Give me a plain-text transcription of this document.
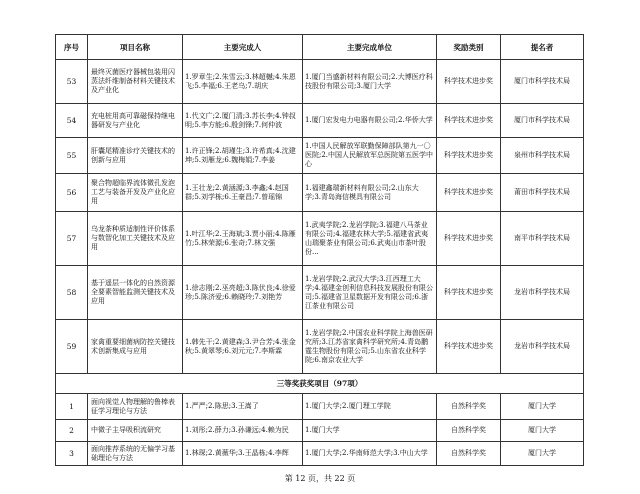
序号	项目名称	主要完成人	主要完成单位	奖励类别	提名者
53	最终灭菌医疗器械包装用闪蒸法纤维制备材料关键技术及产业化	1.罗章生;2.朱雪云;3.林超樾;4.朱恩飞;5.李福;6.王老乌;7.胡庆	1.厦门当盛新材料有限公司;2.大博医疗科技股份有限公司;3.厦门大学	科学技术进步奖	厦门市科学技术局
54	充电桩用高可靠磁保持继电器研发与产业化	1.代文广;2.厦门清;3.苏长李;4.钟叔明;5.李方能;6.殷剑锋;7.何仲波	1.厦门宏发电力电器有限公司;2.华侨大学	科学技术进步奖	厦门市科学技术局
55	肝囊尾精准诊疗关键技术的创新与应用	1.许正锋;2.胡瑾生;3.许希真;4.沈建坤;5.刘雁龙;6.魏梅娟;7.李姜	1.中国人民解放军联勤保障部队第九一〇医院;2.中国人民解放军总医院第五医学中心	科学技术进步奖	泉州市科学技术局
56	聚合物超临界流体微孔发泡工艺与装备开发及产业化应用	1.王壮龙;2.黄涵源;3.李鑫;4.赵国群;5.刘学栋;6.王豪昌;7.曾瑶锦	1.福建鑫瑞新材料有限公司;2.山东大学;3.青岛海信模具有限公司	科学技术进步奖	莆田市科学技术局
57	乌龙茶种质适制性评价体系与数智化加工关键技术及应用	1.叶江华;2.王海斌;3.贾小丽;4.陈雁竹;5.林荣源;6.张奇;7.林文强	1.武夷学院;2.龙岩学院;3.福建八马茶业有限公司;4.福建农林大学;5.福建省武夷山瑞聚茶业有限公司;6.武夷山市茶叶股份...	科学技术进步奖	南平市科学技术局
58	基于遥层一体化的自然资源全要素智能监测关键技术及应用	1.徐志刚;2.巫亮超;3.陈伏良;4.徐爱珍;5.陈济爱;6.赖晓玲;7.刘艳芳	1.龙岩学院;2.武汉大学;3.江西理工大学;4.福建金创利信息科技发展股份有限公司;5.福建省卫星数据开发有限公司;6.浙江茶业有限公司	科学技术进步奖	龙岩市科学技术局
59	家禽重要细菌病防控关键技术创新集成与应用	1.韩先干;2.黄建森;3.尹合芳;4.张金秋;5.黄翠琴;6.刘元元;7.李斯霖	1.龙岩学院;2.中国农业科学院上海兽医研究所;3.江苏省家禽科学研究所;4.青岛鹏霆生物股份有限公司;5.山东省农业科学院;6.南京农业大学	科学技术进步奖	龙岩市科学技术局
三等奖获奖项目（97项）					
1	面向视觉人物理解的鲁棒表征学习理论与方法	1.严严;2.陈思;3.王嵩了	1.厦门大学;2.厦门理工学院	自然科学奖	厦门大学
2	中微子主导吸积流研究	1.刘彤;2.薛力;3.孙谦远;4.赖为民	1.厦门大学	自然科学奖	厦门大学
3	面向推荐系统的无偏学习基础理论与方法	1.林琛;2.黄薇华;3.王晶栋;4.李辉	1.厦门大学;2.华南师范大学;3.中山大学	自然科学奖	厦门大学
第 12 页，共 22 页
